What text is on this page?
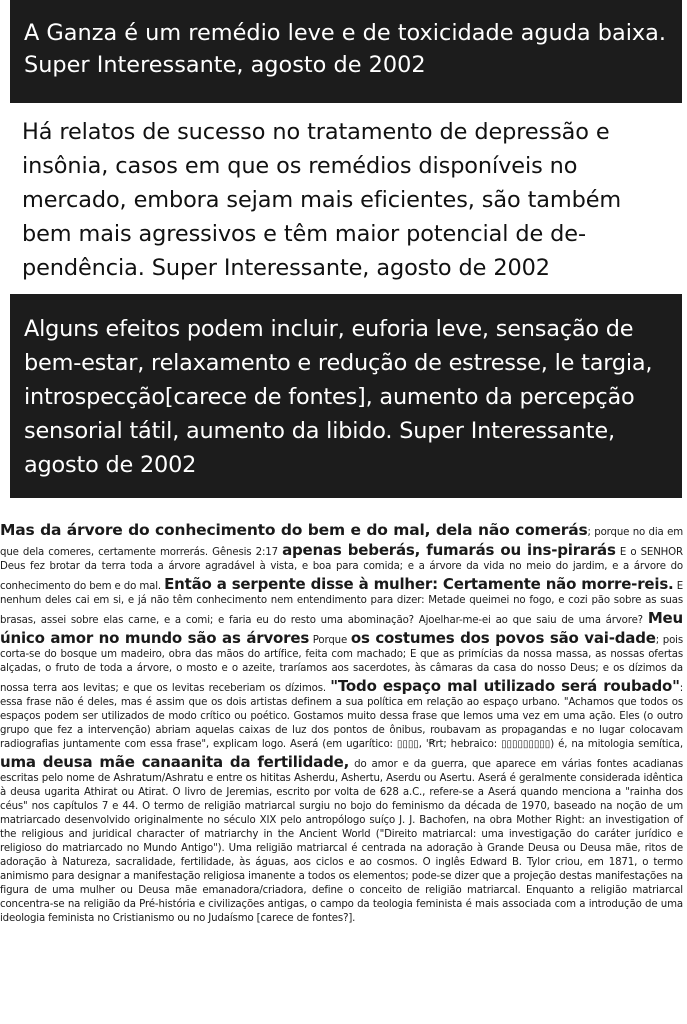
A Ganza é um remédio leve e de toxicidade aguda baixa. Super Interessante, agosto de 2002
Há relatos de sucesso no tratamento de depressão e insônia, casos em que os remédios disponíveis no mercado, embora sejam mais eficientes, são também bem mais agressivos e têm maior potencial de de-pendência. Super Interessante, agosto de 2002
Alguns efeitos podem incluir, euforia leve, sensação de bem-estar, relaxamento e redução de estresse, le targia, introspecção[carece de fontes], aumento da percepção sensorial tátil, aumento da libido. Super Interessante, agosto de 2002

Mas da árvore do conhecimento do bem e do mal, dela não comerás; porque no dia em que dela comeres, certamente morrerás. Gênesis 2:17 apenas beberás, fumarás ou ins-pirarás E o SENHOR Deus fez brotar da terra toda a árvore agradável à vista, e boa para comida; e a árvore da vida no meio do jardim, e a árvore do conhecimento do bem e do mal. Então a serpente disse à mulher: Certamente não morre-reis. E nenhum deles cai em si, e já não têm conhecimento nem entendimento para dizer: Metade queimei no fogo, e cozi pão sobre as suas brasas, assei sobre elas carne, e a comi; e faria eu do resto uma abominação? Ajoelhar-me-ei ao que saiu de uma árvore? Meu único amor no mundo são as árvores Porque os costumes dos povos são vai-dade; pois corta-se do bosque um madeiro, obra das mãos do artífice, feita com machado; E que as primícias da nossa massa, as nossas ofertas alçadas, o fruto de toda a árvore, o mosto e o azeite, traríamos aos sacerdotes, às câmaras da casa do nosso Deus; e os dízimos da nossa terra aos levitas; e que os levitas receberiam os dízimos. "Todo espaço mal utilizado será roubado": essa frase não é deles, mas é assim que os dois artistas definem a sua política em relação ao espaço urbano. "Achamos que todos os espaços podem ser utilizados de modo crítico ou poético. Gostamos muito dessa frase que lemos uma vez em uma ação. Eles (o outro grupo que fez a intervenção) abriam aquelas caixas de luz dos pontos de ônibus, roubavam as propagandas e no lugar colocavam radiografias juntamente com essa frase", explicam logo. Aserá (em ugarítico: ▯▯▯▯, 'Ꞧrt; hebraico: ▯▯▯▯▯▯▯▯▯) é, na mitologia semítica, uma deusa mãe canaanita da fertilidade, do amor e da guerra, que aparece em várias fontes acadianas escritas pelo nome de Ashratum/Ashratu e entre os hititas Asherdu, Ashertu, Aserdu ou Asertu. Aserá é geralmente considerada idêntica à deusa ugarita Athirat ou Atirat. O livro de Jeremias, escrito por volta de 628 a.C., refere-se a Aserá quando menciona a "rainha dos céus" nos capítulos 7 e 44. O termo de religião matriarcal surgiu no bojo do feminismo da década de 1970, baseado na noção de um matriarcado desenvolvido originalmente no século XIX pelo antropólogo suíço J. J. Bachofen, na obra Mother Right: an investigation of the religious and juridical character of matriarchy in the Ancient World ("Direito matriarcal: uma investigação do caráter jurídico e religioso do matriarcado no Mundo Antigo"). Uma religião matriarcal é centrada na adoração à Grande Deusa ou Deusa mãe, ritos de adoração à Natureza, sacralidade, fertilidade, às águas, aos ciclos e ao cosmos. O inglês Edward B. Tylor criou, em 1871, o termo animismo para designar a manifestação religiosa imanente a todos os elementos; pode-se dizer que a projeção destas manifestações na figura de uma mulher ou Deusa mãe emanadora/criadora, define o conceito de religião matriarcal. Enquanto a religião matriarcal concentra-se na religião da Pré-história e civilizações antigas, o campo da teologia feminista é mais associada com a introdução de uma ideologia feminista no Cristianismo ou no Judaísmo [carece de fontes?].
